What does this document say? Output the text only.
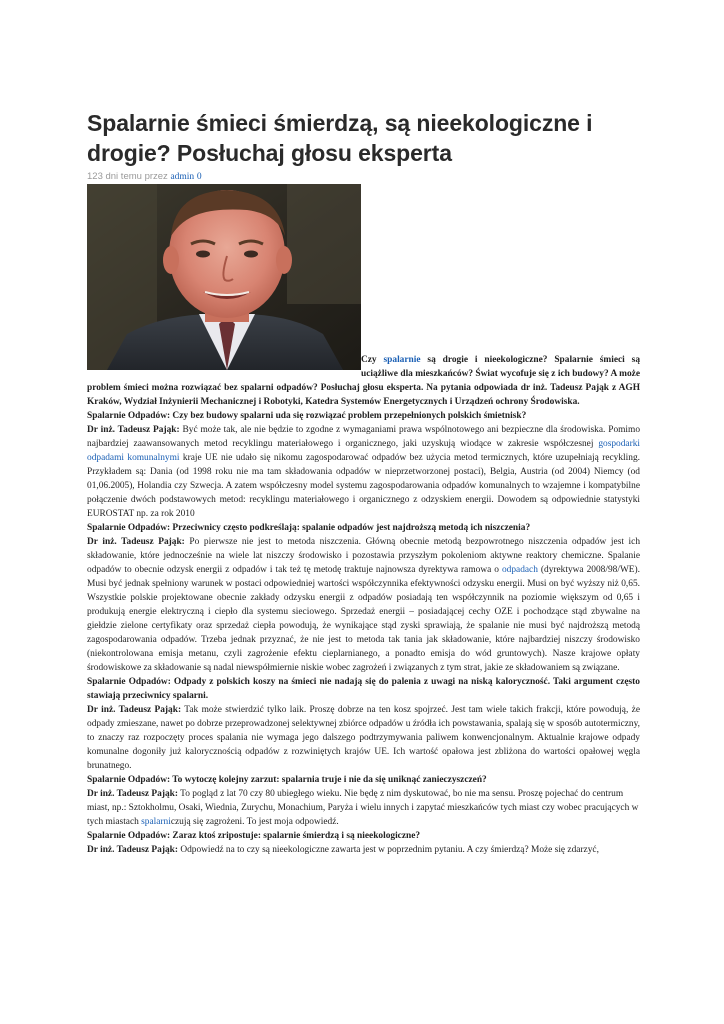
Spalarnie śmieci śmierdzą, są nieekologiczne i drogie? Posłuchaj głosu eksperta
123 dni temu przez admin 0

Czy spalarnie są drogie i nieekologiczne? Spalarnie śmieci są uciążliwe dla mieszkańców? Świat wycofuje się z ich budowy? A może problem śmieci można rozwiązać bez spalarni odpadów? Posłuchaj głosu eksperta. Na pytania odpowiada dr inż. Tadeusz Pająk z AGH Kraków, Wydział Inżynierii Mechanicznej i Robotyki, Katedra Systemów Energetycznych i Urządzeń ochrony Środowiska.

Spalarnie Odpadów: Czy bez budowy spalarni uda się rozwiązać problem przepełnionych polskich śmietnisk?

Dr inż. Tadeusz Pająk: Być może tak, ale nie będzie to zgodne z wymaganiami prawa wspólnotowego ani bezpieczne dla środowiska. Pomimo najbardziej zaawansowanych metod recyklingu materiałowego i organicznego, jaki uzyskują wiodące w zakresie współczesnej gospodarki odpadami komunalnymi kraje UE nie udało się nikomu zagospodarować odpadów bez użycia metod termicznych, które uzupełniają recykling. Przykładem są: Dania (od 1998 roku nie ma tam składowania odpadów w nieprzetworzonej postaci), Belgia, Austria (od 2004) Niemcy (od 01,06.2005), Holandia czy Szwecja. A zatem współczesny model systemu zagospodarowania odpadów komunalnych to wzajemne i kompatybilne połączenie dwóch podstawowych metod: recyklingu materiałowego i organicznego z odzyskiem energii. Dowodem są odpowiednie statystyki EUROSTAT np. za rok 2010

Spalarnie Odpadów: Przeciwnicy często podkreślają: spalanie odpadów jest najdroższą metodą ich niszczenia?

Dr inż. Tadeusz Pająk: Po pierwsze nie jest to metoda niszczenia. Główną obecnie metodą bezpowrotnego niszczenia odpadów jest ich składowanie, które jednocześnie na wiele lat niszczy środowisko i pozostawia przyszłym pokoleniom aktywne reaktory chemiczne. Spalanie odpadów to obecnie odzysk energii z odpadów i tak też tę metodę traktuje najnowsza dyrektywa ramowa o odpadach (dyrektywa 2008/98/WE). Musi być jednak spełniony warunek w postaci odpowiedniej wartości współczynnika efektywności odzysku energii. Musi on być wyższy niż 0,65. Wszystkie polskie projektowane obecnie zakłady odzysku energii z odpadów posiadają ten współczynnik na poziomie większym od 0,65 i produkują energie elektryczną i ciepło dla systemu sieciowego. Sprzedaż energii – posiadającej cechy OZE i pochodzące stąd zbywalne na giełdzie zielone certyfikaty oraz sprzedaż ciepła powodują, że wynikające stąd zyski sprawiają, że spalanie nie musi być najdroższą metodą zagospodarowania odpadów. Trzeba jednak przyznać, że nie jest to metoda tak tania jak składowanie, które najbardziej niszczy środowisko (niekontrolowana emisja metanu, czyli zagrożenie efektu cieplarnianego, a ponadto emisja do wód gruntowych). Nasze krajowe opłaty środowiskowe za składowanie są nadal niewspółmiernie niskie wobec zagrożeń i związanych z tym strat, jakie ze składowaniem są związane.

Spalarnie Odpadów: Odpady z polskich koszy na śmieci nie nadają się do palenia z uwagi na niską kaloryczność. Taki argument często stawiają przeciwnicy spalarni.

Dr inż. Tadeusz Pająk: Tak może stwierdzić tylko laik. Proszę dobrze na ten kosz spojrzeć. Jest tam wiele takich frakcji, które powodują, że odpady zmieszane, nawet po dobrze przeprowadzonej selektywnej zbiórce odpadów u źródła ich powstawania, spalają się w sposób autotermiczny, to znaczy raz rozpoczęty proces spalania nie wymaga jego dalszego podtrzymywania paliwem konwencjonalnym. Aktualnie krajowe odpady komunalne dogoniły już kalorycznością odpadów z rozwiniętych krajów UE. Ich wartość opałowa jest zbliżona do wartości opałowej węgla brunatnego.

Spalarnie Odpadów: To wytoczę kolejny zarzut: spalarnia truje i nie da się uniknąć zanieczyszczeń?

Dr inż. Tadeusz Pająk: To pogląd z lat 70 czy 80 ubiegłego wieku. Nie będę z nim dyskutować, bo nie ma sensu. Proszę pojechać do centrum miast, np.: Sztokholmu, Osaki, Wiednia, Zurychu, Monachium, Paryża i wielu innych i zapytać mieszkańców tych miast czy wobec pracujących w tych miastach spalarniczują się zagrożeni. To jest moja odpowiedź.

Spalarnie Odpadów: Zaraz ktoś zripostuje: spalarnie śmierdzą i są nieekologiczne?

Dr inż. Tadeusz Pająk: Odpowiedź na to czy są nieekologiczne zawarta jest w poprzednim pytaniu. A czy śmierdzą? Może się zdarzyć,
